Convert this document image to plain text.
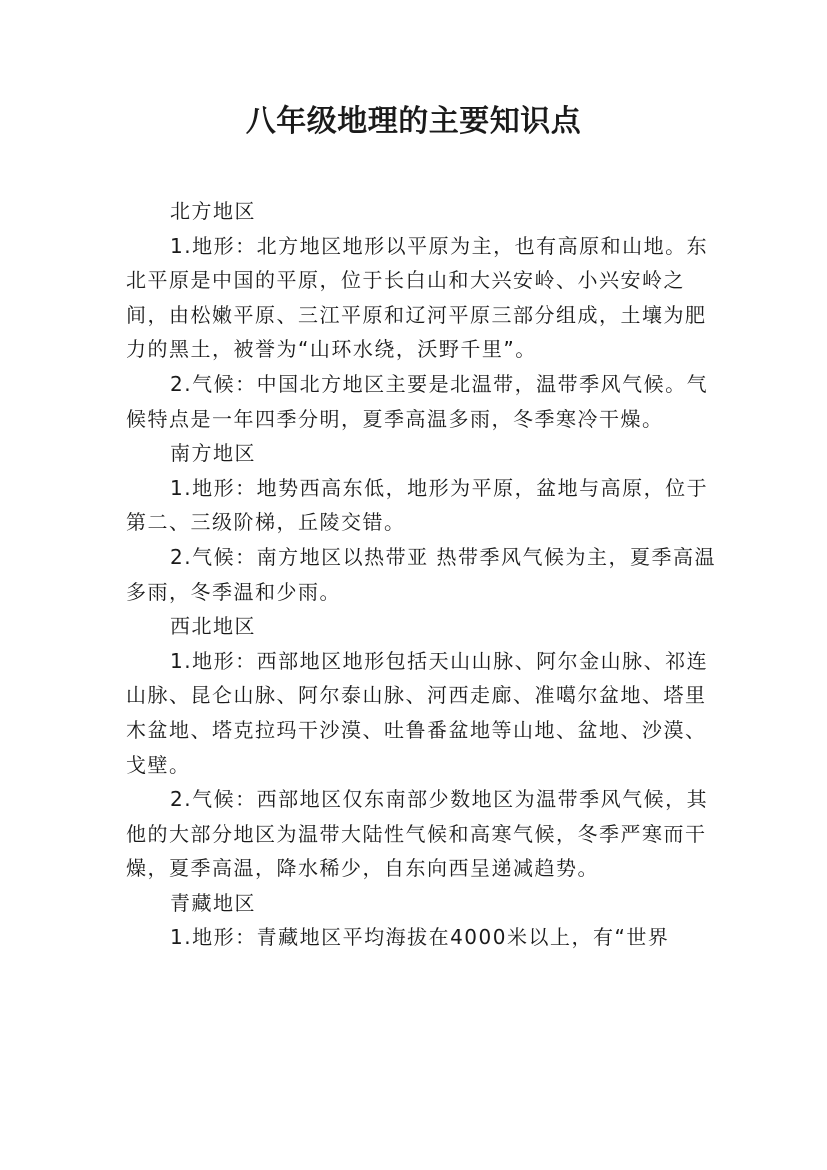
八年级地理的主要知识点

北方地区

1.地形：北方地区地形以平原为主，也有高原和山地。东北平原是中国的平原，位于长白山和大兴安岭、小兴安岭之间，由松嫩平原、三江平原和辽河平原三部分组成，土壤为肥力的黑土，被誉为“山环水绕，沃野千里”。

2.气候：中国北方地区主要是北温带，温带季风气候。气候特点是一年四季分明，夏季高温多雨，冬季寒冷干燥。

南方地区

1.地形：地势西高东低，地形为平原，盆地与高原，位于第二、三级阶梯，丘陵交错。

2.气候：南方地区以热带亚 热带季风气候为主，夏季高温多雨，冬季温和少雨。

西北地区

1.地形：西部地区地形包括天山山脉、阿尔金山脉、祁连山脉、昆仑山脉、阿尔泰山脉、河西走廊、准噶尔盆地、塔里木盆地、塔克拉玛干沙漠、吐鲁番盆地等山地、盆地、沙漠、戈壁。

2.气候：西部地区仅东南部少数地区为温带季风气候，其他的大部分地区为温带大陆性气候和高寒气候，冬季严寒而干燥，夏季高温，降水稀少，自东向西呈递减趋势。

青藏地区

1.地形：青藏地区平均海拔在4000米以上，有“世界
